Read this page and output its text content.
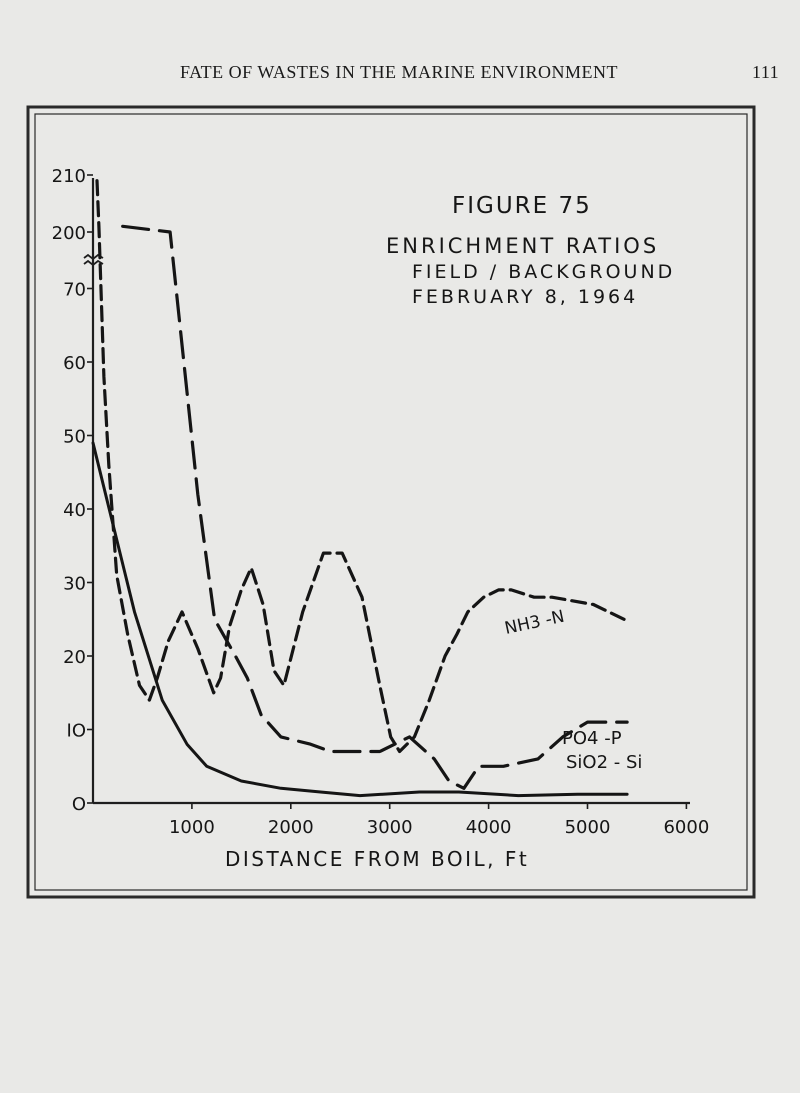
FATE OF WASTES IN THE MARINE ENVIRONMENT	111
O
IO
20
30
40
50
60
70
200
210
1000	2000	3000	4000	5000	6000
FIGURE 75
ENRICHMENT RATIOS
FIELD / BACKGROUND
FEBRUARY 8, 1964
DISTANCE FROM BOIL, Ft
NH3 -N
PO4 -P
SiO2 - Si
